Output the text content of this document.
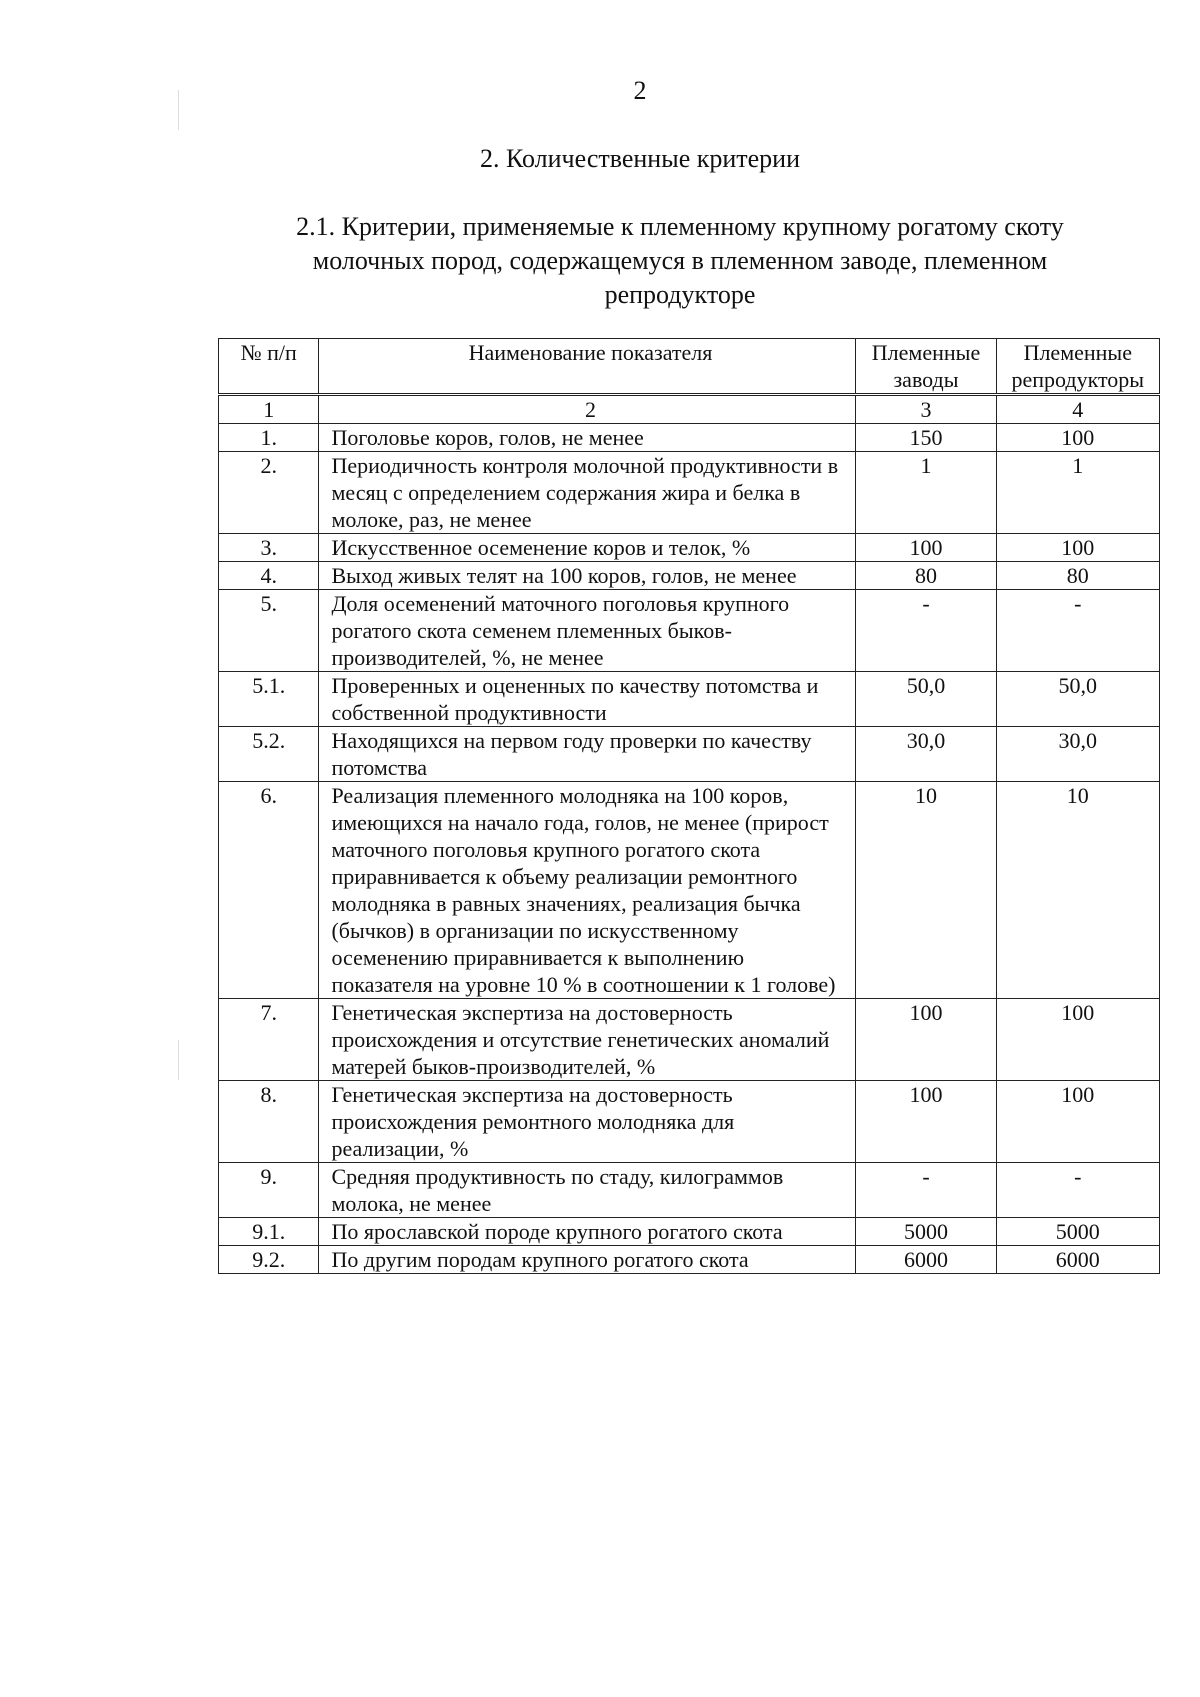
2
2. Количественные критерии
2.1. Критерии, применяемые к племенному крупному рогатому скоту молочных пород, содержащемуся в племенном заводе, племенном репродукторе
№ п/п	Наименование показателя	Племенные заводы	Племенные репродукторы
1	2	3	4
1.	Поголовье коров, голов, не менее	150	100
2.	Периодичность контроля молочной продуктивности в месяц с определением содержания жира и белка в молоке, раз, не менее	1	1
3.	Искусственное осеменение коров и телок, %	100	100
4.	Выход живых телят на 100 коров, голов, не менее	80	80
5.	Доля осеменений маточного поголовья крупного рогатого скота семенем племенных быков-производителей, %, не менее	-	-
5.1.	Проверенных и оцененных по качеству потомства и собственной продуктивности	50,0	50,0
5.2.	Находящихся на первом году проверки по качеству потомства	30,0	30,0
6.	Реализация племенного молодняка на 100 коров, имеющихся на начало года, голов, не менее (прирост маточного поголовья крупного рогатого скота приравнивается к объему реализации ремонтного молодняка в равных значениях, реализация бычка (бычков) в организации по искусственному осеменению приравнивается к выполнению показателя на уровне 10 % в соотношении к 1 голове)	10	10
7.	Генетическая экспертиза на достоверность происхождения и отсутствие генетических аномалий матерей быков-производителей, %	100	100
8.	Генетическая экспертиза на достоверность происхождения ремонтного молодняка для реализации, %	100	100
9.	Средняя продуктивность по стаду, килограммов молока, не менее	-	-
9.1.	По ярославской породе крупного рогатого скота	5000	5000
9.2.	По другим породам крупного рогатого скота	6000	6000
